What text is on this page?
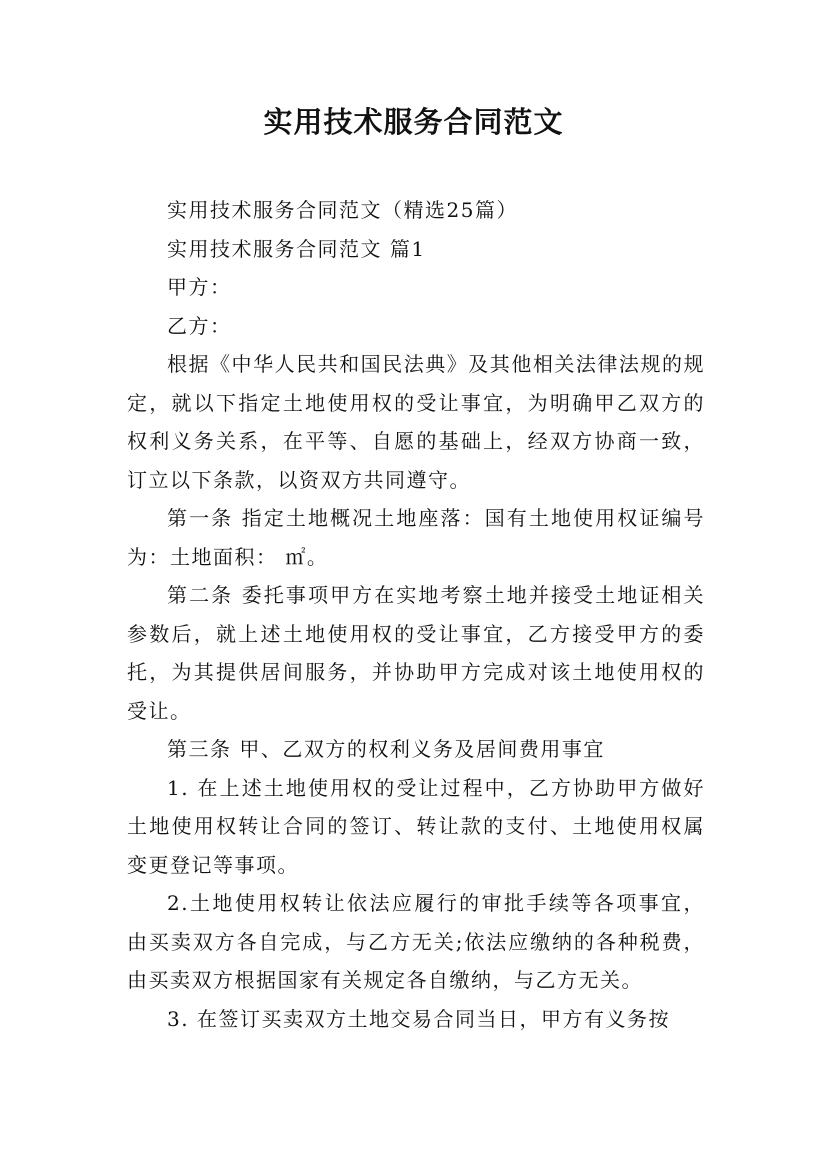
实用技术服务合同范文

实用技术服务合同范文（精选25篇）

实用技术服务合同范文 篇1

甲方：

乙方：

根据《中华人民共和国民法典》及其他相关法律法规的规定，就以下指定土地使用权的受让事宜，为明确甲乙双方的权利义务关系，在平等、自愿的基础上，经双方协商一致，订立以下条款，以资双方共同遵守。

第一条 指定土地概况土地座落：国有土地使用权证编号为：土地面积： ㎡。

第二条 委托事项甲方在实地考察土地并接受土地证相关参数后，就上述土地使用权的受让事宜，乙方接受甲方的委托，为其提供居间服务，并协助甲方完成对该土地使用权的受让。

第三条 甲、乙双方的权利义务及居间费用事宜

1. 在上述土地使用权的受让过程中，乙方协助甲方做好土地使用权转让合同的签订、转让款的支付、土地使用权属变更登记等事项。

2.土地使用权转让依法应履行的审批手续等各项事宜，由买卖双方各自完成，与乙方无关;依法应缴纳的各种税费，由买卖双方根据国家有关规定各自缴纳，与乙方无关。

3. 在签订买卖双方土地交易合同当日，甲方有义务按
